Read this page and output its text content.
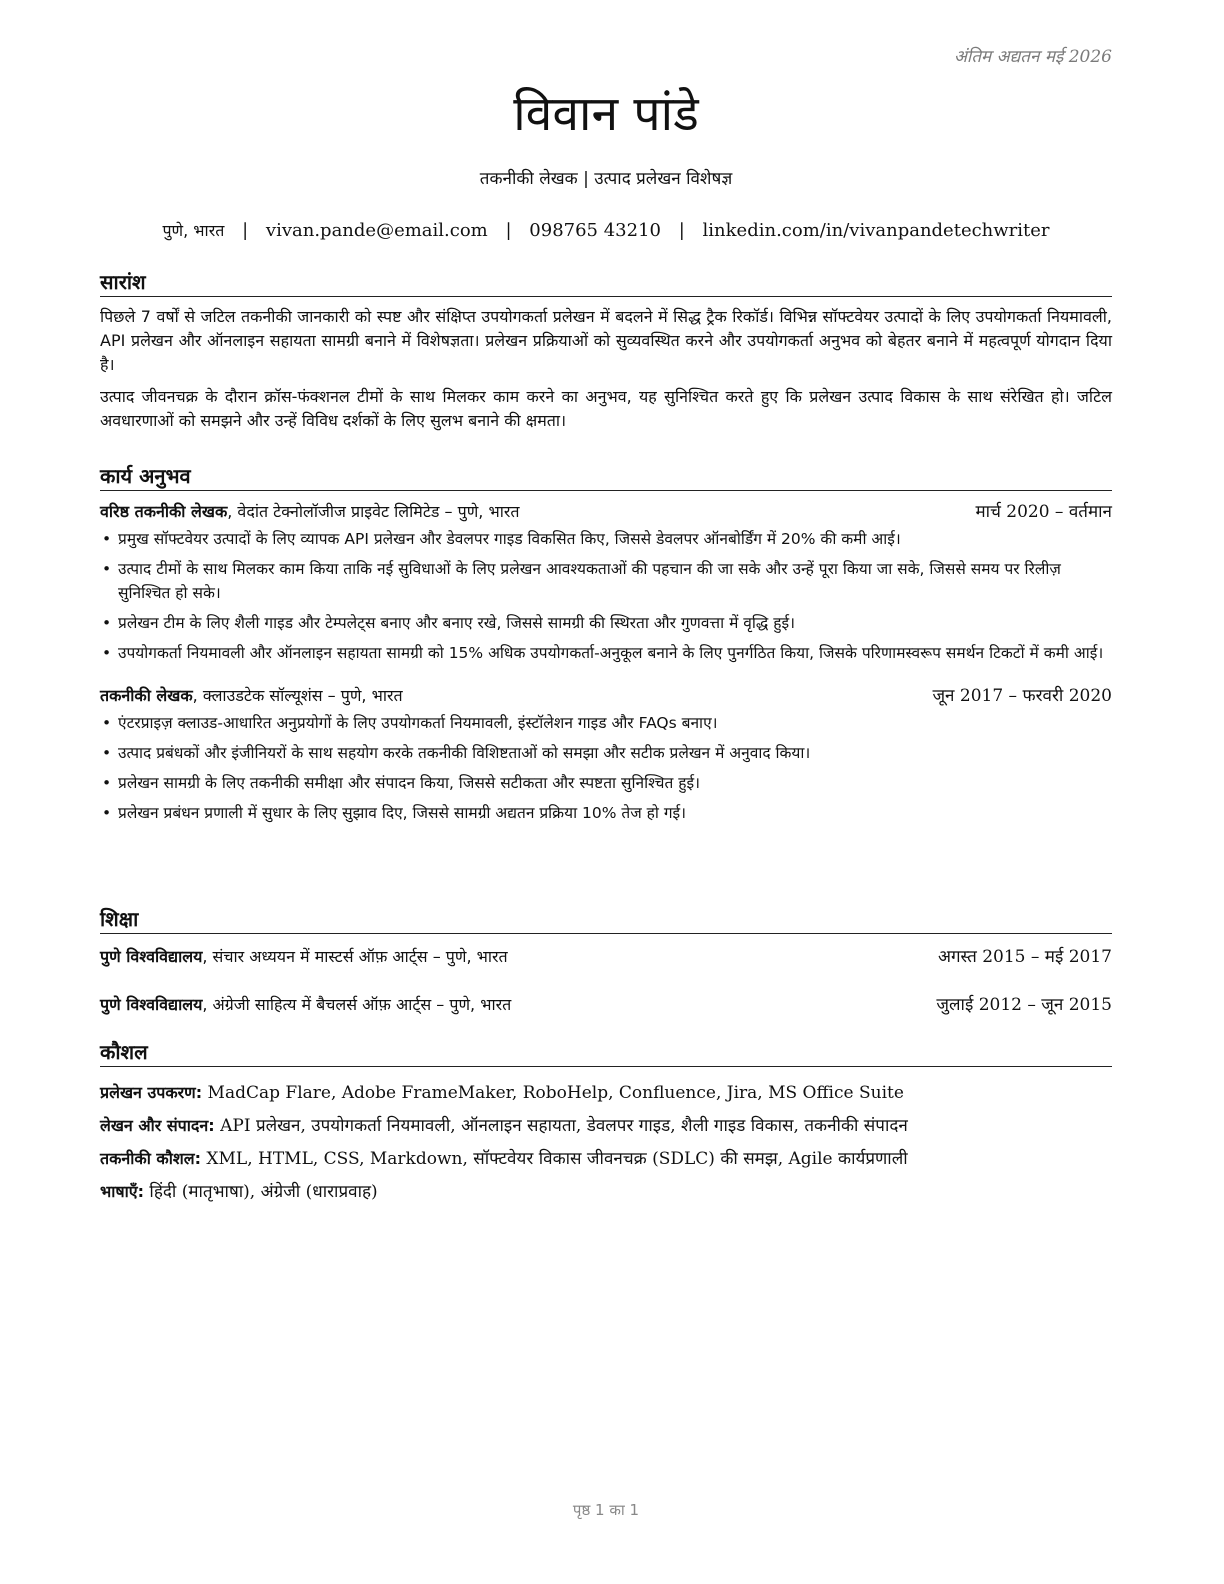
अंतिम अद्यतन मई 2026
विवान पांडे
तकनीकी लेखक | उत्पाद प्रलेखन विशेषज्ञ
पुणे, भारत | vivan.pande@email.com | 098765 43210 | linkedin.com/in/vivanpandetechwriter
सारांश

पिछले 7 वर्षों से जटिल तकनीकी जानकारी को स्पष्ट और संक्षिप्त उपयोगकर्ता प्रलेखन में बदलने में सिद्ध ट्रैक रिकॉर्ड। विभिन्न सॉफ्टवेयर उत्पादों के लिए उपयोगकर्ता नियमावली, API प्रलेखन और ऑनलाइन सहायता सामग्री बनाने में विशेषज्ञता। प्रलेखन प्रक्रियाओं को सुव्यवस्थित करने और उपयोगकर्ता अनुभव को बेहतर बनाने में महत्वपूर्ण योगदान दिया है।

उत्पाद जीवनचक्र के दौरान क्रॉस-फंक्शनल टीमों के साथ मिलकर काम करने का अनुभव, यह सुनिश्चित करते हुए कि प्रलेखन उत्पाद विकास के साथ संरेखित हो। जटिल अवधारणाओं को समझने और उन्हें विविध दर्शकों के लिए सुलभ बनाने की क्षमता।

कार्य अनुभव
वरिष्ठ तकनीकी लेखक, वेदांत टेक्नोलॉजीज प्राइवेट लिमिटेड – पुणे, भारत	मार्च 2020 – वर्तमान
• प्रमुख सॉफ्टवेयर उत्पादों के लिए व्यापक API प्रलेखन और डेवलपर गाइड विकसित किए, जिससे डेवलपर ऑनबोर्डिंग में 20% की कमी आई।
• उत्पाद टीमों के साथ मिलकर काम किया ताकि नई सुविधाओं के लिए प्रलेखन आवश्यकताओं की पहचान की जा सके और उन्हें पूरा किया जा सके, जिससे समय पर रिलीज़ सुनिश्चित हो सके।
• प्रलेखन टीम के लिए शैली गाइड और टेम्पलेट्स बनाए और बनाए रखे, जिससे सामग्री की स्थिरता और गुणवत्ता में वृद्धि हुई।
• उपयोगकर्ता नियमावली और ऑनलाइन सहायता सामग्री को 15% अधिक उपयोगकर्ता-अनुकूल बनाने के लिए पुनर्गठित किया, जिसके परिणामस्वरूप समर्थन टिकटों में कमी आई।
तकनीकी लेखक, क्लाउडटेक सॉल्यूशंस – पुणे, भारत	जून 2017 – फरवरी 2020
• एंटरप्राइज़ क्लाउड-आधारित अनुप्रयोगों के लिए उपयोगकर्ता नियमावली, इंस्टॉलेशन गाइड और FAQs बनाए।
• उत्पाद प्रबंधकों और इंजीनियरों के साथ सहयोग करके तकनीकी विशिष्टताओं को समझा और सटीक प्रलेखन में अनुवाद किया।
• प्रलेखन सामग्री के लिए तकनीकी समीक्षा और संपादन किया, जिससे सटीकता और स्पष्टता सुनिश्चित हुई।
• प्रलेखन प्रबंधन प्रणाली में सुधार के लिए सुझाव दिए, जिससे सामग्री अद्यतन प्रक्रिया 10% तेज हो गई।
शिक्षा
पुणे विश्वविद्यालय, संचार अध्ययन में मास्टर्स ऑफ़ आर्ट्स – पुणे, भारत	अगस्त 2015 – मई 2017
पुणे विश्वविद्यालय, अंग्रेजी साहित्य में बैचलर्स ऑफ़ आर्ट्स – पुणे, भारत	जुलाई 2012 – जून 2015
कौशल
प्रलेखन उपकरण: MadCap Flare, Adobe FrameMaker, RoboHelp, Confluence, Jira, MS Office Suite
लेखन और संपादन: API प्रलेखन, उपयोगकर्ता नियमावली, ऑनलाइन सहायता, डेवलपर गाइड, शैली गाइड विकास, तकनीकी संपादन
तकनीकी कौशल: XML, HTML, CSS, Markdown, सॉफ्टवेयर विकास जीवनचक्र (SDLC) की समझ, Agile कार्यप्रणाली
भाषाएँ: हिंदी (मातृभाषा), अंग्रेजी (धाराप्रवाह)
पृष्ठ 1 का 1
